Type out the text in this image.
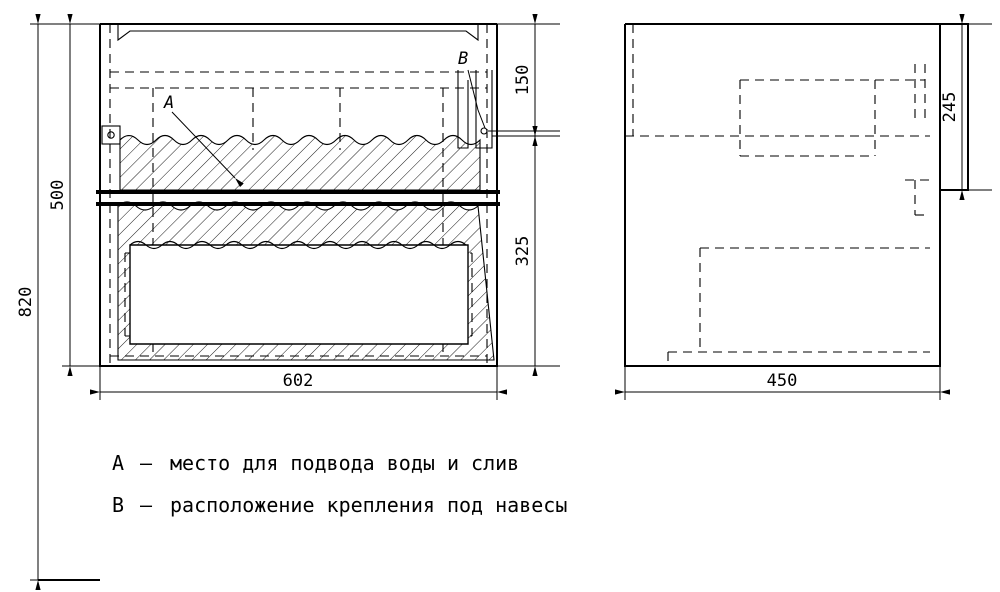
820
500
150
325
602	450
245
A
B
A – место для подвода воды и слив
B – расположение крепления под навесы
